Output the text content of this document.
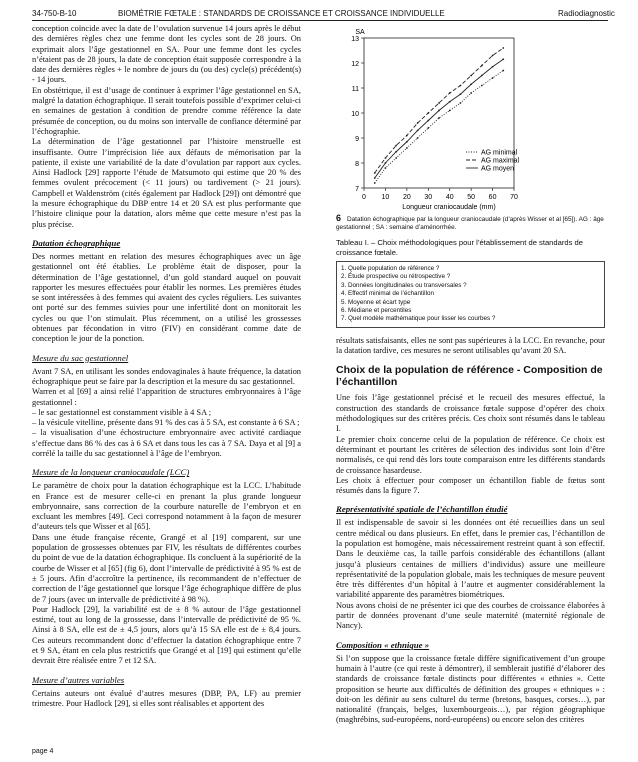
34-750-B-10	BIOMÉTRIE FŒTALE : STANDARDS DE CROISSANCE ET CROISSANCE INDIVIDUELLE	Radiodiagnostic
conception coïncide avec la date de l’ovulation survenue 14 jours après le début des dernières règles chez une femme dont les cycles sont de 28 jours. On exprimait alors l’âge gestationnel en SA. Pour une femme dont les cycles n’étaient pas de 28 jours, la date de conception était supposée correspondre à la date des dernières règles + le nombre de jours du (ou des) cycle(s) précédent(s) - 14 jours.
En obstétrique, il est d’usage de continuer à exprimer l’âge gestationnel en SA, malgré la datation échographique. Il serait toutefois possible d’exprimer celui-ci en semaines de gestation à condition de prendre comme référence la date présumée de conception, ou du moins son intervalle de confiance déterminé par l’échographie.
La détermination de l’âge gestationnel par l’histoire menstruelle est insuffisante. Outre l’imprécision liée aux défauts de mémorisation par la patiente, il existe une variabilité de la date d’ovulation par rapport aux cycles. Ainsi Hadlock [29] rapporte l’étude de Matsumoto qui estime que 20 % des femmes ovulent précocement (< 11 jours) ou tardivement (> 21 jours). Campbell et Waldenström (cités également par Hadlock [29]) ont démontré que la mesure échographique du DBP entre 14 et 20 SA est plus performante que l’histoire clinique pour la datation, alors même que cette mesure n’est pas la plus précise.
Datation échographique
Des normes mettant en relation des mesures échographiques avec un âge gestationnel ont été établies. Le problème était de disposer, pour la détermination de l’âge gestationnel, d’un gold standard auquel on pouvait rapporter les mesures effectuées pour établir les normes. Les premières études se sont intéressées à des femmes qui avaient des cycles réguliers. Les suivantes ont porté sur des femmes suivies pour une infertilité dont on monitorait les cycles ou que l’on stimulait. Plus récemment, on a utilisé les grossesses obtenues par fécondation in vitro (FIV) en considérant comme date de conception le jour de la ponction.
Mesure du sac gestationnel
Avant 7 SA, en utilisant les sondes endovaginales à haute fréquence, la datation échographique peut se faire par la description et la mesure du sac gestationnel.
Warren et al [69] a ainsi relié l’apparition de structures embryonnaires à l’âge gestationnel :
– le sac gestationnel est constamment visible à 4 SA ;
– la vésicule vitelline, présente dans 91 % des cas à 5 SA, est constante à 6 SA ;
– la visualisation d’une échostructure embryonnaire avec activité cardiaque s’effectue dans 86 % des cas à 6 SA et dans tous les cas à 7 SA. Daya et al [9] a corrélé la taille du sac gestationnel à l’âge de l’embryon.
Mesure de la longueur craniocaudale (LCC)
Le paramètre de choix pour la datation échographique est la LCC. L’habitude en France est de mesurer celle-ci en prenant la plus grande longueur embryonnaire, sans correction de la courbure naturelle de l’embryon et en excluant les membres [49]. Ceci correspond notamment à la façon de mesurer d’auteurs tels que Wisser et al [65].
Dans une étude française récente, Grangé et al [19] comparent, sur une population de grossesses obtenues par FIV, les résultats de différentes courbes du point de vue de la datation échographique. Ils concluent à la supériorité de la courbe de Wisser et al [65] (fig 6), dont l’intervalle de prédictivité à 95 % est de ± 5 jours. Afin d’accroître la pertinence, ils recommandent de n’effectuer de correction de l’âge gestationnel que lorsque l’âge échographique diffère de plus de 7 jours (avec un intervalle de prédictivité à 98 %).
Pour Hadlock [29], la variabilité est de ± 8 % autour de l’âge gestationnel estimé, tout au long de la grossesse, dans l’intervalle de prédictivité de 95 %. Ainsi à 8 SA, elle est de ± 4,5 jours, alors qu’à 15 SA elle est de ± 8,4 jours. Ces auteurs recommandent donc d’effectuer la datation échographique entre 7 et 9 SA, étant en cela plus restrictifs que Grangé et al [19] qui estiment qu’elle devrait être réalisée entre 7 et 12 SA.
Mesure d’autres variables
Certains auteurs ont évalué d’autres mesures (DBP, PA, LF) au premier trimestre. Pour Hadlock [29], si elles sont réalisables et apportent des
7
8
9
10
11
12
13
0 10 20 30 40 50 60 70
SA
Longueur craniocaudale (mm)
AG minimal
AG maximal
AG moyen
6 Datation échographique par la longueur craniocaudale (d’après Wisser et al [65]). AG : âge gestationnel ; SA : semaine d’aménorrhée.
Tableau I. – Choix méthodologiques pour l’établissement de standards de croissance fœtale.
1. Quelle population de référence ?
2. Étude prospective ou rétrospective ?
3. Données longitudinales ou transversales ?
4. Effectif minimal de l’échantillon
5. Moyenne et écart type
6. Médiane et percentiles
7. Quel modèle mathématique pour lisser les courbes ?
résultats satisfaisants, elles ne sont pas supérieures à la LCC. En revanche, pour la datation tardive, ces mesures ne seront utilisables qu’avant 20 SA.
Choix de la population de référence - Composition de l’échantillon
Une fois l’âge gestationnel précisé et le recueil des mesures effectué, la construction des standards de croissance fœtale suppose d’opérer des choix méthodologiques sur des critères précis. Ces choix sont résumés dans le tableau I.
Le premier choix concerne celui de la population de référence. Ce choix est déterminant et pourtant les critères de sélection des individus sont loin d’être normalisés, ce qui rend dès lors toute comparaison entre les différents standards de croissance hasardeuse.
Les choix à effectuer pour composer un échantillon fiable de fœtus sont résumés dans la figure 7.
Représentativité spatiale de l’échantillon étudié
Il est indispensable de savoir si les données ont été recueillies dans un seul centre médical ou dans plusieurs. En effet, dans le premier cas, l’échantillon de la population est homogène, mais nécessairement restreint quant à son effectif. Dans le deuxième cas, la taille parfois considérable des échantillons (allant jusqu’à plusieurs centaines de milliers d’individus) assure une meilleure représentativité de la population globale, mais les techniques de mesure peuvent être très différentes d’un hôpital à l’autre et augmenter considérablement la variabilité apparente des paramètres biométriques.
Nous avons choisi de ne présenter ici que des courbes de croissance élaborées à partir de données provenant d’une seule maternité (maternité régionale de Nancy).
Composition « ethnique »
Si l’on suppose que la croissance fœtale diffère significativement d’un groupe humain à l’autre (ce qui reste à démontrer), il semblerait justifié d’élaborer des standards de croissance fœtale distincts pour différentes « ethnies ». Cette proposition se heurte aux difficultés de définition des groupes « ethniques » : doit-on les définir au sens culturel du terme (bretons, basques, corses…), par nationalité (français, belges, luxembourgeois…), par région géographique (maghrébins, sud-européens, nord-européens) ou encore selon des critères
page 4
